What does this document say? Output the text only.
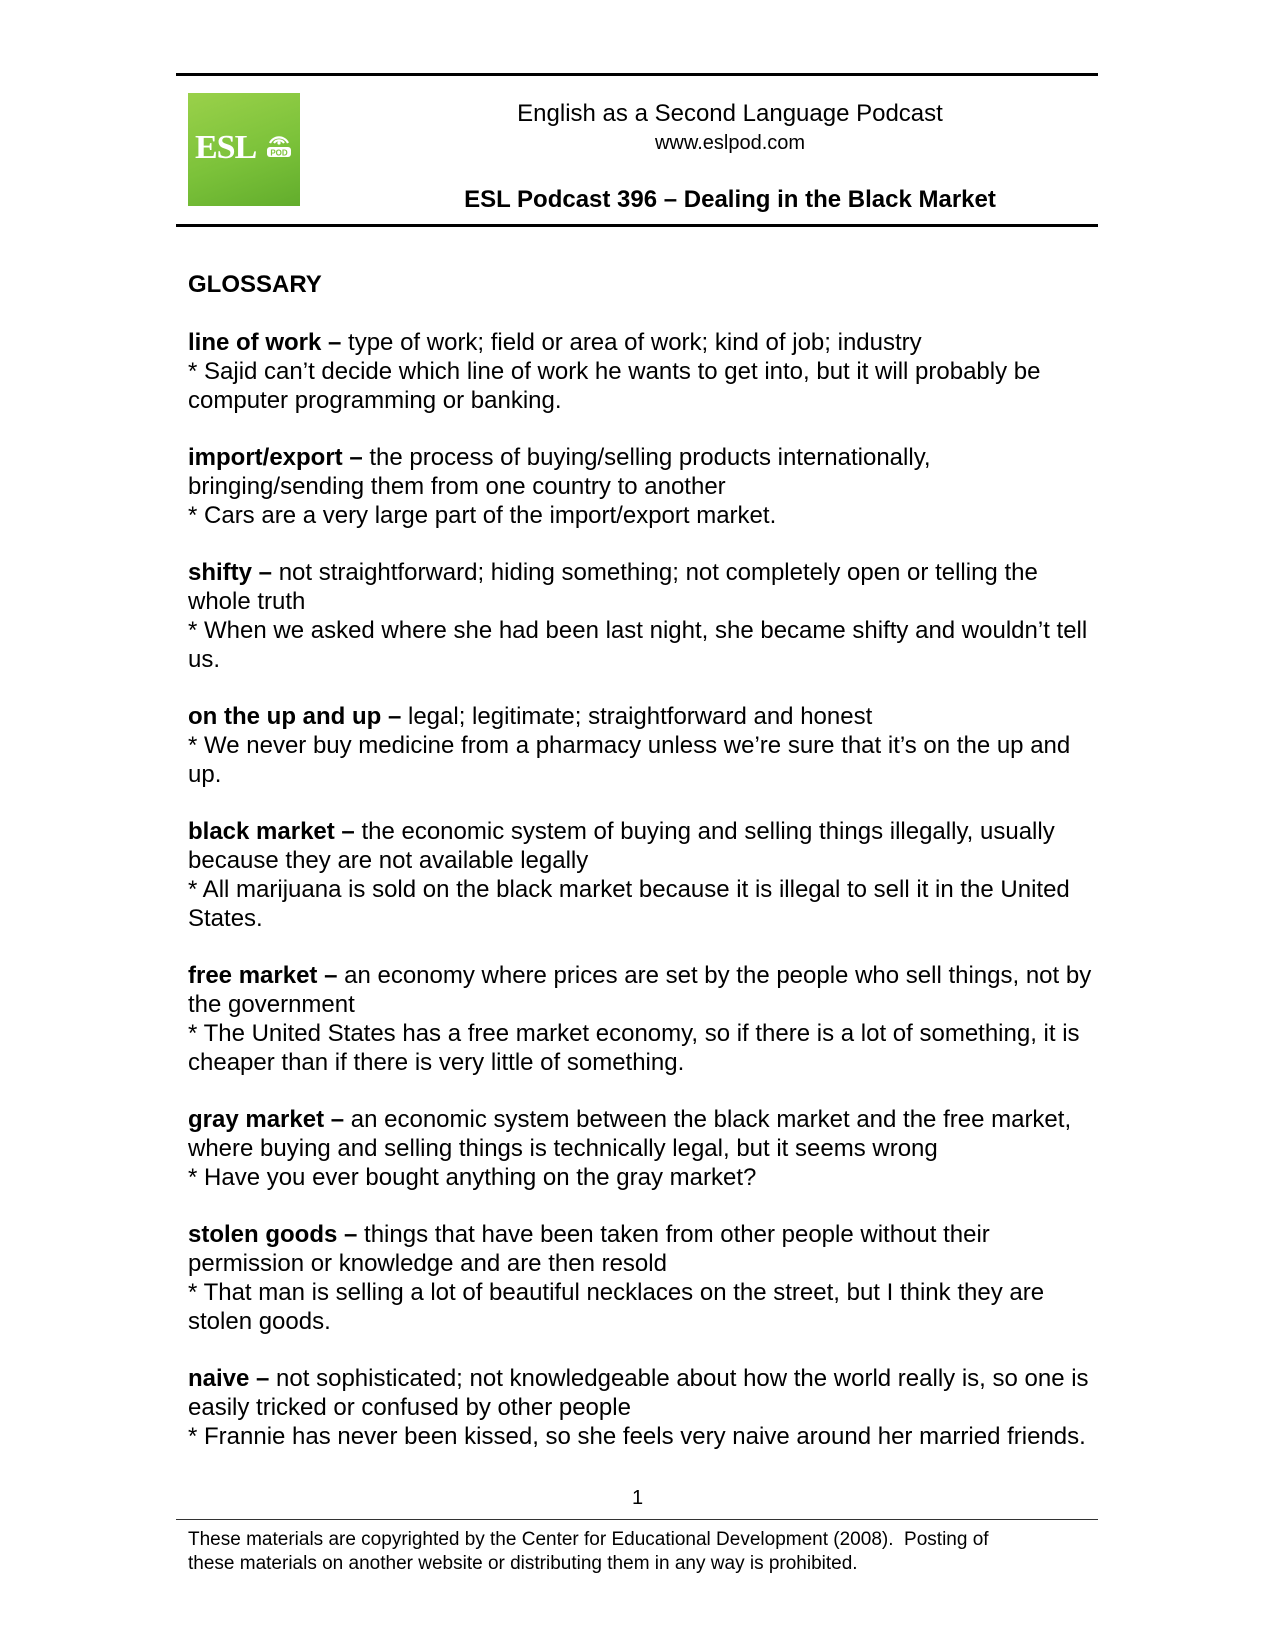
ESL POD
English as a Second Language Podcast
www.eslpod.com
ESL Podcast 396 – Dealing in the Black Market
GLOSSARY
line of work – type of work; field or area of work; kind of job; industry
* Sajid can’t decide which line of work he wants to get into, but it will probably be computer programming or banking.
import/export – the process of buying/selling products internationally, bringing/sending them from one country to another
* Cars are a very large part of the import/export market.
shifty – not straightforward; hiding something; not completely open or telling the whole truth
* When we asked where she had been last night, she became shifty and wouldn’t tell us.
on the up and up – legal; legitimate; straightforward and honest
* We never buy medicine from a pharmacy unless we’re sure that it’s on the up and up.
black market – the economic system of buying and selling things illegally, usually because they are not available legally
* All marijuana is sold on the black market because it is illegal to sell it in the United States.
free market – an economy where prices are set by the people who sell things, not by the government
* The United States has a free market economy, so if there is a lot of something, it is cheaper than if there is very little of something.
gray market – an economic system between the black market and the free market, where buying and selling things is technically legal, but it seems wrong
* Have you ever bought anything on the gray market?
stolen goods – things that have been taken from other people without their permission or knowledge and are then resold
* That man is selling a lot of beautiful necklaces on the street, but I think they are stolen goods.
naive – not sophisticated; not knowledgeable about how the world really is, so one is easily tricked or confused by other people
* Frannie has never been kissed, so she feels very naive around her married friends.
1
These materials are copyrighted by the Center for Educational Development (2008).  Posting of
these materials on another website or distributing them in any way is prohibited.
